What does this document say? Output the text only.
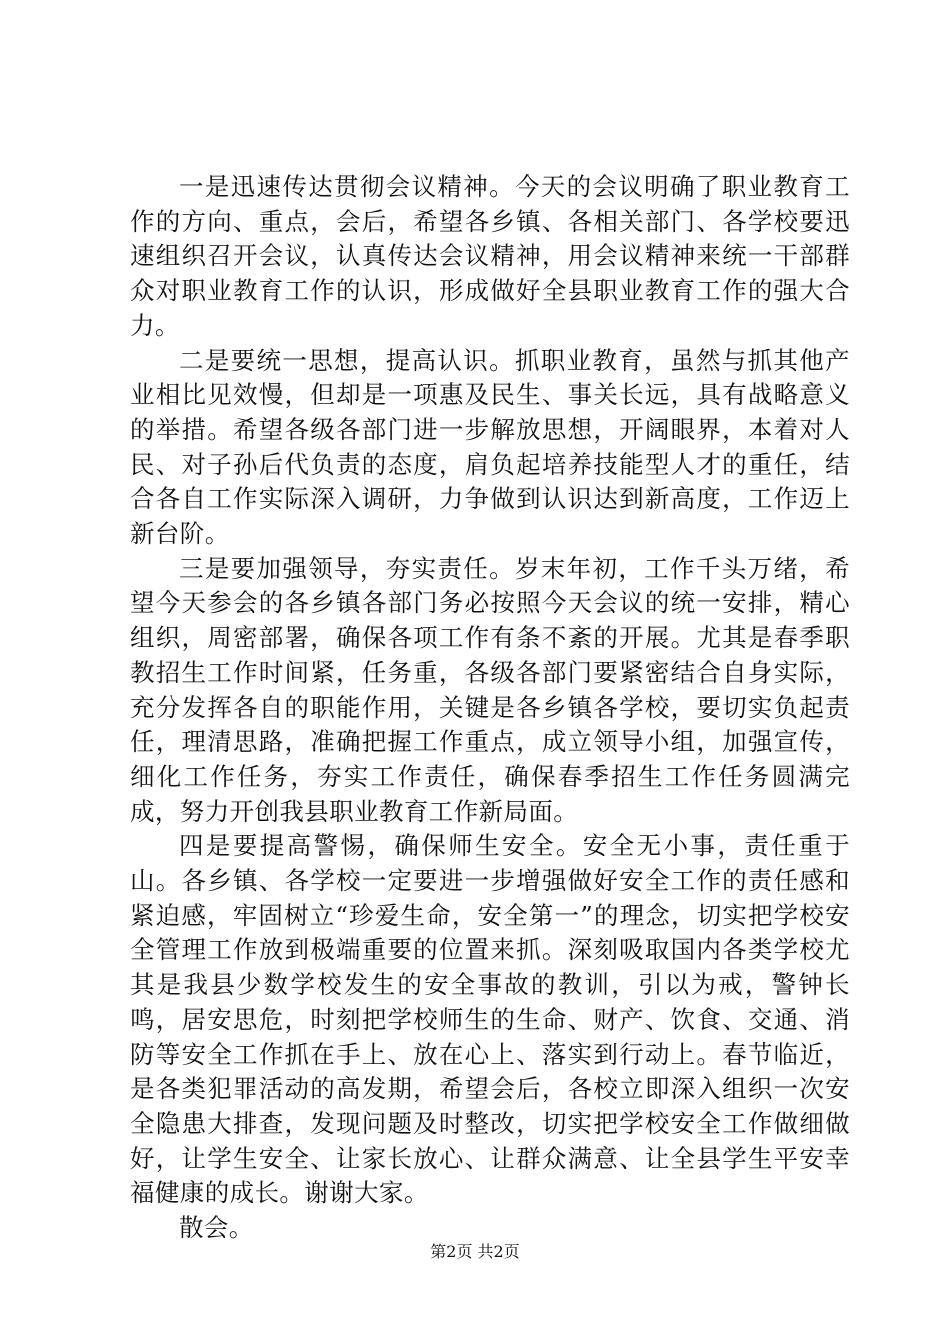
一是迅速传达贯彻会议精神。今天的会议明确了职业教育工作的方向、重点，会后，希望各乡镇、各相关部门、各学校要迅速组织召开会议，认真传达会议精神，用会议精神来统一干部群众对职业教育工作的认识，形成做好全县职业教育工作的强大合力。

二是要统一思想，提高认识。抓职业教育，虽然与抓其他产业相比见效慢，但却是一项惠及民生、事关长远，具有战略意义的举措。希望各级各部门进一步解放思想，开阔眼界，本着对人民、对子孙后代负责的态度，肩负起培养技能型人才的重任，结合各自工作实际深入调研，力争做到认识达到新高度，工作迈上新台阶。

三是要加强领导，夯实责任。岁末年初，工作千头万绪，希望今天参会的各乡镇各部门务必按照今天会议的统一安排，精心组织，周密部署，确保各项工作有条不紊的开展。尤其是春季职教招生工作时间紧，任务重，各级各部门要紧密结合自身实际，充分发挥各自的职能作用，关键是各乡镇各学校，要切实负起责任，理清思路，准确把握工作重点，成立领导小组，加强宣传，细化工作任务，夯实工作责任，确保春季招生工作任务圆满完成，努力开创我县职业教育工作新局面。

四是要提高警惕，确保师生安全。安全无小事，责任重于山。各乡镇、各学校一定要进一步增强做好安全工作的责任感和紧迫感，牢固树立“珍爱生命，安全第一”的理念，切实把学校安全管理工作放到极端重要的位置来抓。深刻吸取国内各类学校尤其是我县少数学校发生的安全事故的教训，引以为戒，警钟长鸣，居安思危，时刻把学校师生的生命、财产、饮食、交通、消防等安全工作抓在手上、放在心上、落实到行动上。春节临近，是各类犯罪活动的高发期，希望会后，各校立即深入组织一次安全隐患大排查，发现问题及时整改，切实把学校安全工作做细做好，让学生安全、让家长放心、让群众满意、让全县学生平安幸福健康的成长。谢谢大家。

散会。

第2页 共2页
